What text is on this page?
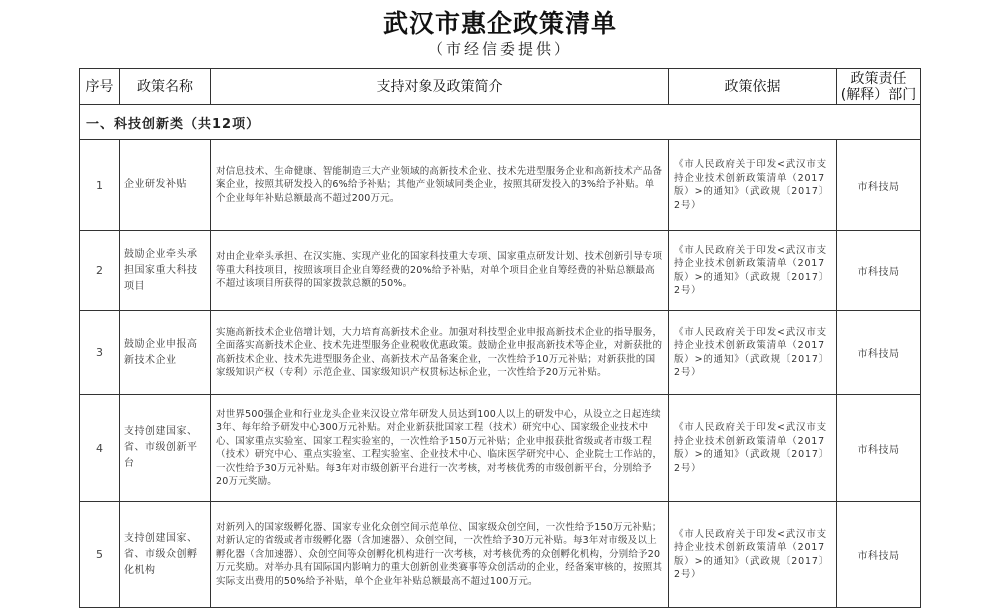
武汉市惠企政策清单
（市经信委提供）
序号	政策名称	支持对象及政策简介	政策依据	政策责任
(解释）部门

一、科技创新类（共12项）				
1	企业研发补贴	对信息技术、生命健康、智能制造三大产业领域的高新技术企业、技术先进型服务企业和高新技术产品备案企业，按照其研发投入的6%给予补贴；其他产业领域同类企业，按照其研发投入的3%给予补贴。单个企业每年补贴总额最高不超过200万元。	《市人民政府关于印发<武汉市支持企业技术创新政策清单（2017版）>的通知》（武政规〔2017〕2号）	市科技局
2	鼓励企业牵头承担国家重大科技项目	对由企业牵头承担、在汉实施、实现产业化的国家科技重大专项、国家重点研发计划、技术创新引导专项等重大科技项目，按照该项目企业自筹经费的20%给予补贴，对单个项目企业自筹经费的补贴总额最高不超过该项目所获得的国家拨款总额的50%。	《市人民政府关于印发<武汉市支持企业技术创新政策清单（2017版）>的通知》（武政规〔2017〕2号）	市科技局
3	鼓励企业申报高新技术企业	实施高新技术企业倍增计划，大力培育高新技术企业。加强对科技型企业申报高新技术企业的指导服务，全面落实高新技术企业、技术先进型服务企业税收优惠政策。鼓励企业申报高新技术等企业，对新获批的高新技术企业、技术先进型服务企业、高新技术产品备案企业，一次性给予10万元补贴；对新获批的国家级知识产权（专利）示范企业、国家级知识产权贯标达标企业，一次性给予20万元补贴。	《市人民政府关于印发<武汉市支持企业技术创新政策清单（2017版）>的通知》（武政规〔2017〕2号）	市科技局
4	支持创建国家、省、市级创新平台	对世界500强企业和行业龙头企业来汉设立常年研发人员达到100人以上的研发中心，从设立之日起连续3年、每年给予研发中心300万元补贴。对企业新获批国家工程（技术）研究中心、国家级企业技术中心、国家重点实验室、国家工程实验室的，一次性给予150万元补贴；企业申报获批省级或者市级工程（技术）研究中心、重点实验室、工程实验室、企业技术中心、临床医学研究中心、企业院士工作站的，一次性给予30万元补贴。每3年对市级创新平台进行一次考核，对考核优秀的市级创新平台，分别给予20万元奖励。	《市人民政府关于印发<武汉市支持企业技术创新政策清单（2017版）>的通知》（武政规〔2017〕2号）	市科技局
5	支持创建国家、省、市级众创孵化机构	对新列入的国家级孵化器、国家专业化众创空间示范单位、国家级众创空间，一次性给予150万元补贴；对新认定的省级或者市级孵化器（含加速器）、众创空间，一次性给予30万元补贴。每3年对市级及以上孵化器（含加速器）、众创空间等众创孵化机构进行一次考核，对考核优秀的众创孵化机构，分别给予20万元奖励。对举办具有国际国内影响力的重大创新创业类赛事等众创活动的企业，经备案审核的，按照其实际支出费用的50%给予补贴，单个企业年补贴总额最高不超过100万元。	《市人民政府关于印发<武汉市支持企业技术创新政策清单（2017版）>的通知》（武政规〔2017〕2号）	市科技局
